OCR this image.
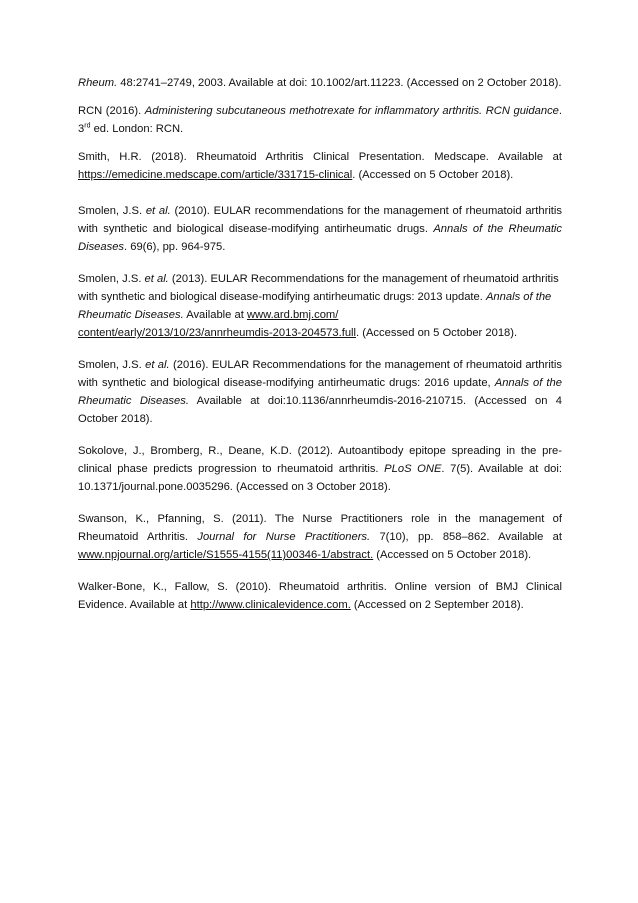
Rheum. 48:2741–2749, 2003. Available at doi: 10.1002/art.11223. (Accessed on 2 October 2018).

RCN (2016). Administering subcutaneous methotrexate for inflammatory arthritis. RCN guidance. 3rd ed. London: RCN.

Smith, H.R. (2018). Rheumatoid Arthritis Clinical Presentation. Medscape. Available at https://emedicine.medscape.com/article/331715-clinical. (Accessed on 5 October 2018).

Smolen, J.S. et al. (2010). EULAR recommendations for the management of rheumatoid arthritis with synthetic and biological disease-modifying antirheumatic drugs. Annals of the Rheumatic Diseases. 69(6), pp. 964-975.

Smolen, J.S. et al. (2013). EULAR Recommendations for the management of rheumatoid arthritis with synthetic and biological disease-modifying antirheumatic drugs: 2013 update. Annals of the Rheumatic Diseases. Available at www.ard.bmj.com/
content/early/2013/10/23/annrheumdis-2013-204573.full. (Accessed on 5 October 2018).

Smolen, J.S. et al. (2016). EULAR Recommendations for the management of rheumatoid arthritis with synthetic and biological disease-modifying antirheumatic drugs: 2016 update, Annals of the Rheumatic Diseases. Available at doi:10.1136/annrheumdis-2016-210715. (Accessed on 4 October 2018).

Sokolove, J., Bromberg, R., Deane, K.D. (2012). Autoantibody epitope spreading in the pre-clinical phase predicts progression to rheumatoid arthritis. PLoS ONE. 7(5). Available at doi: 10.1371/journal.pone.0035296. (Accessed on 3 October 2018).

Swanson, K., Pfanning, S. (2011). The Nurse Practitioners role in the management of Rheumatoid Arthritis. Journal for Nurse Practitioners. 7(10), pp. 858–862. Available at www.npjournal.org/article/S1555-4155(11)00346-1/abstract. (Accessed on 5 October 2018).

Walker-Bone, K., Fallow, S. (2010). Rheumatoid arthritis. Online version of BMJ Clinical Evidence. Available at http://www.clinicalevidence.com. (Accessed on 2 September 2018).
